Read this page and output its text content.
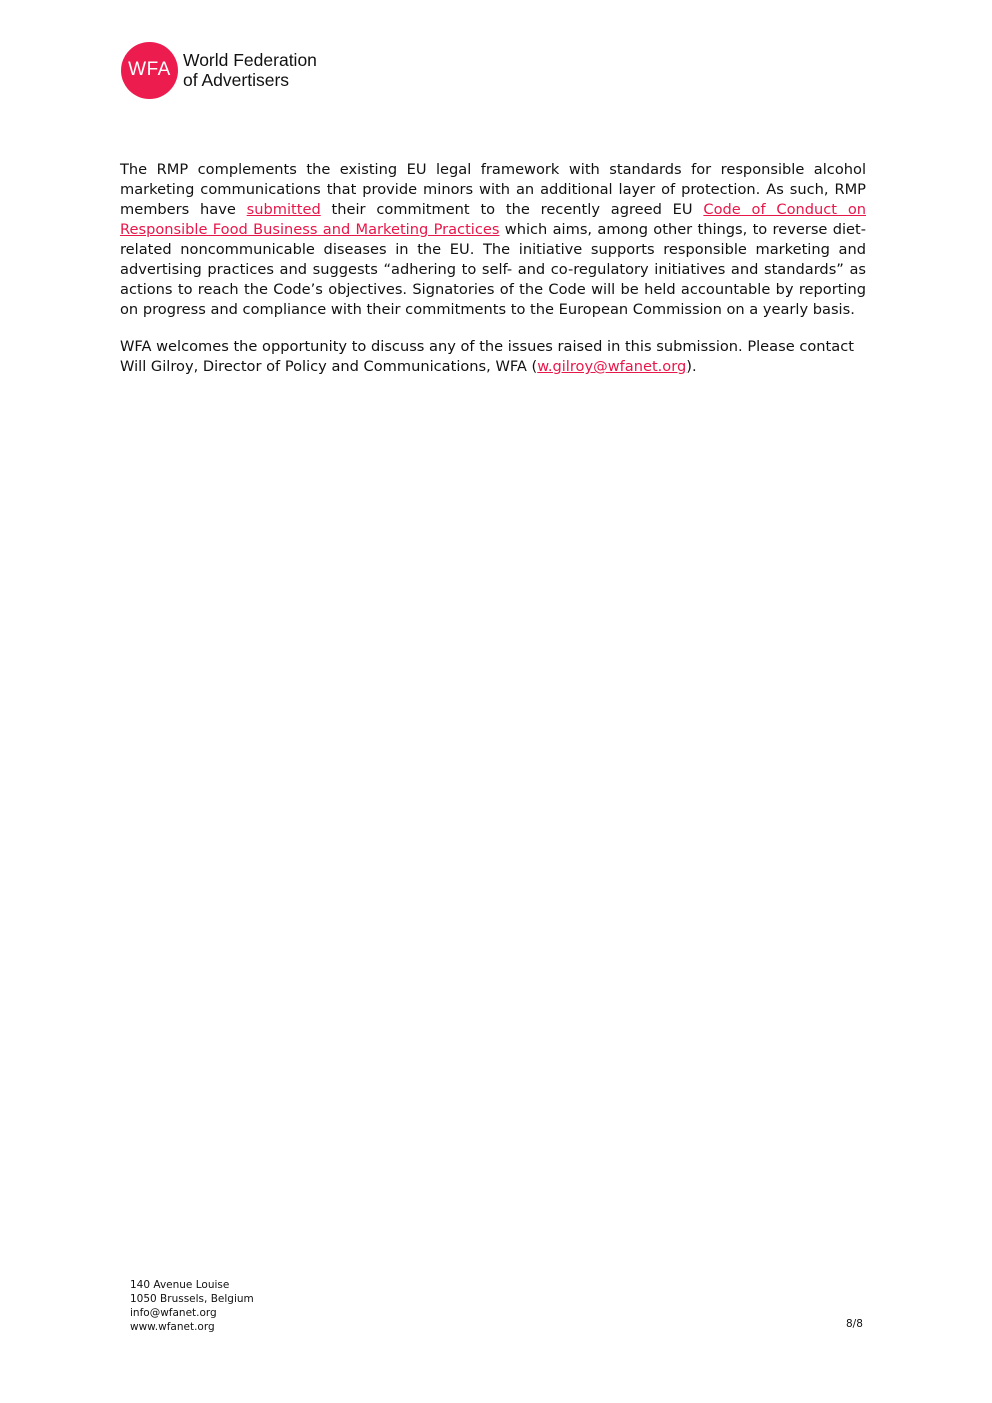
WFA World Federation
of Advertisers

The RMP complements the existing EU legal framework with standards for responsible alcohol marketing communications that provide minors with an additional layer of protection. As such, RMP members have submitted their commitment to the recently agreed EU Code of Conduct on Responsible Food Business and Marketing Practices which aims, among other things, to reverse diet-related noncommunicable diseases in the EU. The initiative supports responsible marketing and advertising practices and suggests “adhering to self- and co-regulatory initiatives and standards” as actions to reach the Code’s objectives. Signatories of the Code will be held accountable by reporting on progress and compliance with their commitments to the European Commission on a yearly basis.

WFA welcomes the opportunity to discuss any of the issues raised in this submission. Please contact
Will Gilroy, Director of Policy and Communications, WFA (w.gilroy@wfanet.org).

140 Avenue Louise
1050 Brussels, Belgium
info@wfanet.org
www.wfanet.org	8/8
